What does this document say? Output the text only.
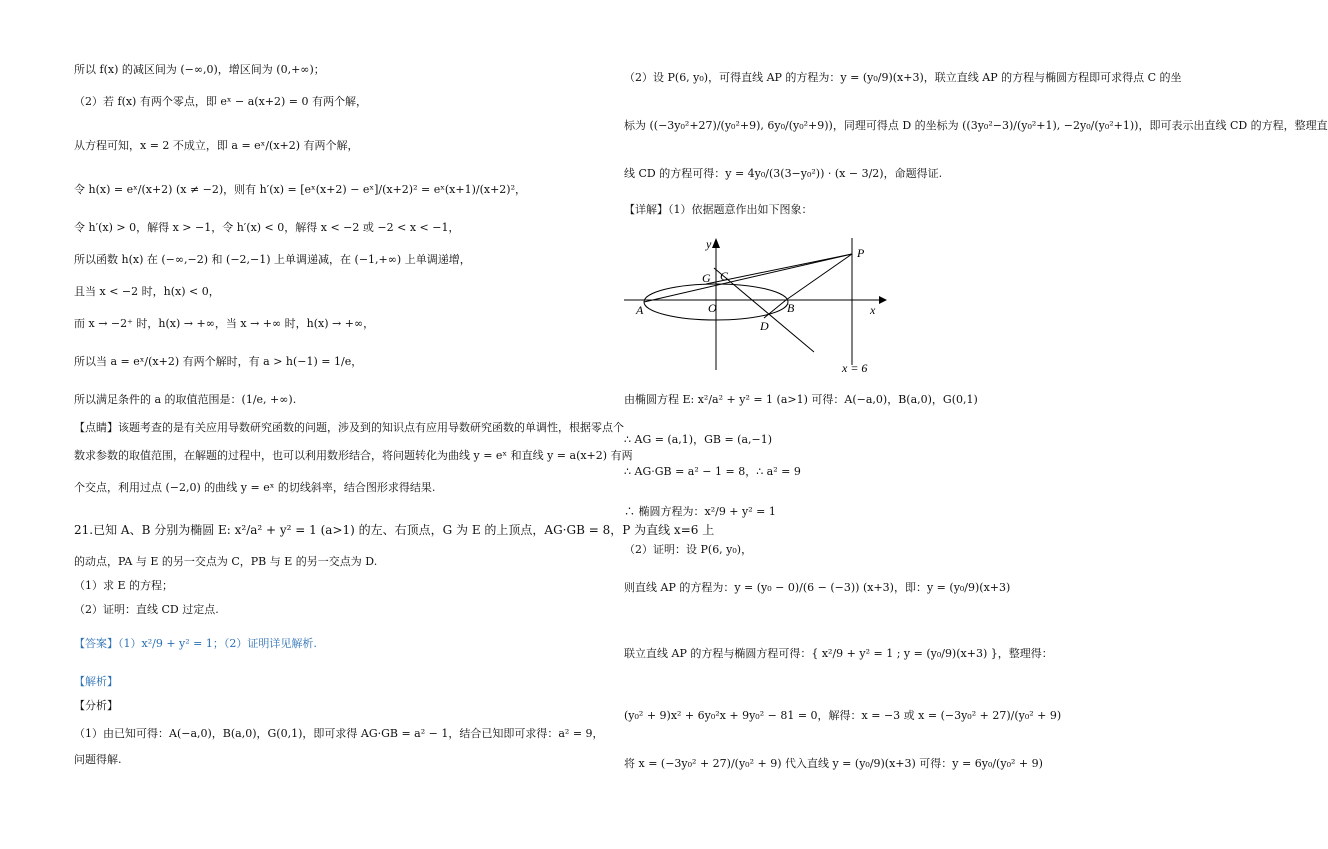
所以 f(x) 的减区间为 (−∞,0)，增区间为 (0,+∞)；
（2）若 f(x) 有两个零点，即 eˣ − a(x+2) = 0 有两个解，
从方程可知，x = 2 不成立，即 a = eˣ/(x+2) 有两个解，
令 h(x) = eˣ/(x+2) (x ≠ −2)，则有 h′(x) = [eˣ(x+2) − eˣ]/(x+2)² = eˣ(x+1)/(x+2)²，
令 h′(x) > 0，解得 x > −1，令 h′(x) < 0，解得 x < −2 或 −2 < x < −1，
所以函数 h(x) 在 (−∞,−2) 和 (−2,−1) 上单调递减，在 (−1,+∞) 上单调递增，
且当 x < −2 时，h(x) < 0，
而 x → −2⁺ 时，h(x) → +∞，当 x → +∞ 时，h(x) → +∞，
所以当 a = eˣ/(x+2) 有两个解时，有 a > h(−1) = 1/e，
所以满足条件的 a 的取值范围是：(1/e, +∞).
【点睛】该题考查的是有关应用导数研究函数的问题，涉及到的知识点有应用导数研究函数的单调性，根据零点个
数求参数的取值范围，在解题的过程中，也可以利用数形结合，将问题转化为曲线 y = eˣ 和直线 y = a(x+2) 有两
个交点，利用过点 (−2,0) 的曲线 y = eˣ 的切线斜率，结合图形求得结果.
21.已知 A、B 分别为椭圆 E: x²/a² + y² = 1 (a>1) 的左、右顶点，G 为 E 的上顶点，AG·GB = 8，P 为直线 x=6 上
的动点，PA 与 E 的另一交点为 C，PB 与 E 的另一交点为 D.
（1）求 E 的方程；
（2）证明：直线 CD 过定点.
【答案】（1）x²/9 + y² = 1；（2）证明详见解析.
【解析】
【分析】
（1）由已知可得：A(−a,0)，B(a,0)，G(0,1)，即可求得 AG·GB = a² − 1，结合已知即可求得：a² = 9，
问题得解.
（2）设 P(6, y₀)，可得直线 AP 的方程为：y = (y₀/9)(x+3)，联立直线 AP 的方程与椭圆方程即可求得点 C 的坐
标为 ((−3y₀²+27)/(y₀²+9), 6y₀/(y₀²+9))，同理可得点 D 的坐标为 ((3y₀²−3)/(y₀²+1), −2y₀/(y₀²+1))，即可表示出直线 CD 的方程，整理直
线 CD 的方程可得：y = 4y₀/(3(3−y₀²)) · (x − 3/2)，命题得证.
【详解】（1）依据题意作出如下图象：
y
x
P
G C
O
A	B
D
x = 6
由椭圆方程 E: x²/a² + y² = 1 (a>1) 可得：A(−a,0)，B(a,0)，G(0,1)
∴ AG = (a,1)，GB = (a,−1)
∴ AG·GB = a² − 1 = 8，∴ a² = 9
∴ 椭圆方程为：x²/9 + y² = 1
（2）证明：设 P(6, y₀)，
则直线 AP 的方程为：y = (y₀ − 0)/(6 − (−3)) (x+3)，即：y = (y₀/9)(x+3)
联立直线 AP 的方程与椭圆方程可得：{ x²/9 + y² = 1 ; y = (y₀/9)(x+3) }，整理得：
(y₀² + 9)x² + 6y₀²x + 9y₀² − 81 = 0，解得：x = −3 或 x = (−3y₀² + 27)/(y₀² + 9)
将 x = (−3y₀² + 27)/(y₀² + 9) 代入直线 y = (y₀/9)(x+3) 可得：y = 6y₀/(y₀² + 9)
